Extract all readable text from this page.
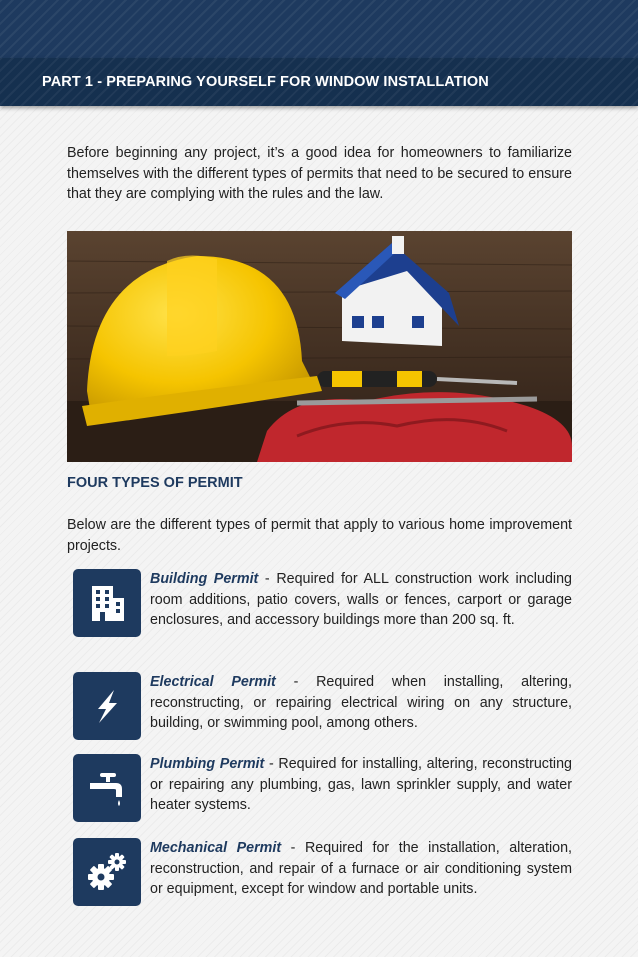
PART 1 - PREPARING YOURSELF FOR WINDOW INSTALLATION

Before beginning any project, it’s a good idea for homeowners to familiarize themselves with the different types of permits that need to be secured to ensure that they are complying with the rules and the law.

FOUR TYPES OF PERMIT

Below are the different types of permit that apply to various home improvement projects.

Building Permit - Required for ALL construction work including room additions, patio covers, walls or fences, carport or garage enclosures, and accessory buildings more than 200 sq. ft.

Electrical Permit - Required when installing, altering, reconstructing, or repairing electrical wiring on any structure, building, or swimming pool, among others.

Plumbing Permit - Required for installing, altering, reconstructing or repairing any plumbing, gas, lawn sprinkler supply, and water heater systems.

Mechanical Permit - Required for the installation, alteration, reconstruction, and repair of a furnace or air conditioning system or equipment, except for window and portable units.
